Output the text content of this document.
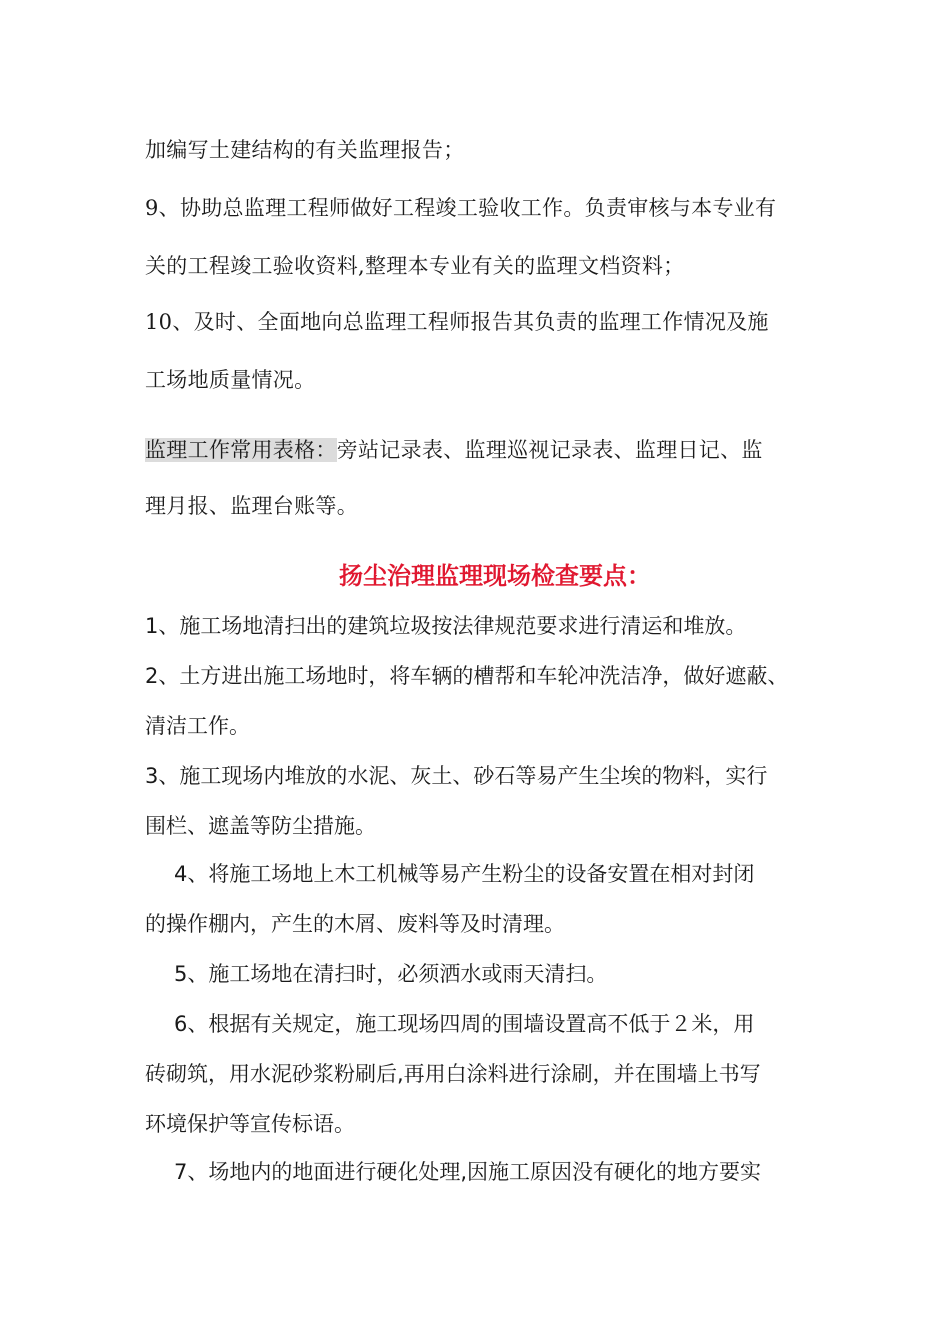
加编写土建结构的有关监理报告；
9、协助总监理工程师做好工程竣工验收工作。负责审核与本专业有
关的工程竣工验收资料,整理本专业有关的监理文档资料；
10、及时、全面地向总监理工程师报告其负责的监理工作情况及施
工场地质量情况。
监理工作常用表格：旁站记录表、监理巡视记录表、监理日记、监
理月报、监理台账等。
扬尘治理监理现场检查要点：
1、施工场地清扫出的建筑垃圾按法律规范要求进行清运和堆放。
2、土方进出施工场地时，将车辆的槽帮和车轮冲洗洁净，做好遮蔽、
清洁工作。
3、施工现场内堆放的水泥、灰土、砂石等易产生尘埃的物料，实行
围栏、遮盖等防尘措施。
4、将施工场地上木工机械等易产生粉尘的设备安置在相对封闭
的操作棚内，产生的木屑、废料等及时清理。
5、施工场地在清扫时，必须洒水或雨天清扫。
6、根据有关规定，施工现场四周的围墙设置高不低于２米，用
砖砌筑，用水泥砂浆粉刷后,再用白涂料进行涂刷，并在围墙上书写
环境保护等宣传标语。
7、场地内的地面进行硬化处理,因施工原因没有硬化的地方要实
